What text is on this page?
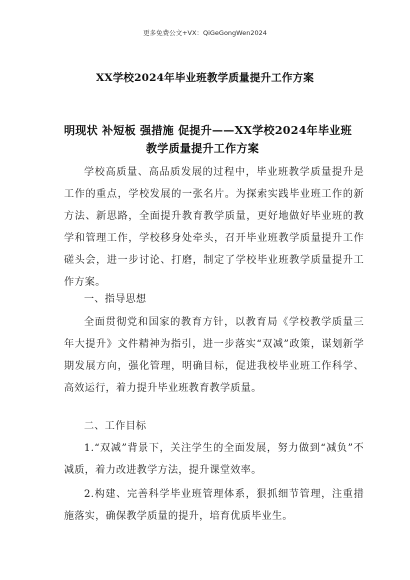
更多免费公文+VX：QiGeGongWen2024
XX学校2024年毕业班教学质量提升工作方案
明现状 补短板 强措施 促提升——XX学校2024年毕业班
教学质量提升工作方案
学校高质量、高品质发展的过程中，毕业班教学质量提升是工作的重点，学校发展的一张名片。为探索实践毕业班工作的新方法、新思路，全面提升教育教学质量，更好地做好毕业班的教学和管理工作，学校移身处牵头，召开毕业班教学质量提升工作磋头会，进一步讨论、打磨，制定了学校毕业班教学质量提升工作方案。
一、指导思想
全面贯彻党和国家的教育方针，以教育局《学校教学质量三年大提升》文件精神为指引，进一步落实“双减”政策，谋划新学期发展方向，强化管理，明确目标，促进我校毕业班工作科学、高效运行，着力提升毕业班教育教学质量。
二、工作目标
1.“双减”背景下，关注学生的全面发展，努力做到“减负”不减质，着力改进教学方法，提升课堂效率。
2.构建、完善科学毕业班管理体系，狠抓细节管理，注重措施落实，确保教学质量的提升，培育优质毕业生。
